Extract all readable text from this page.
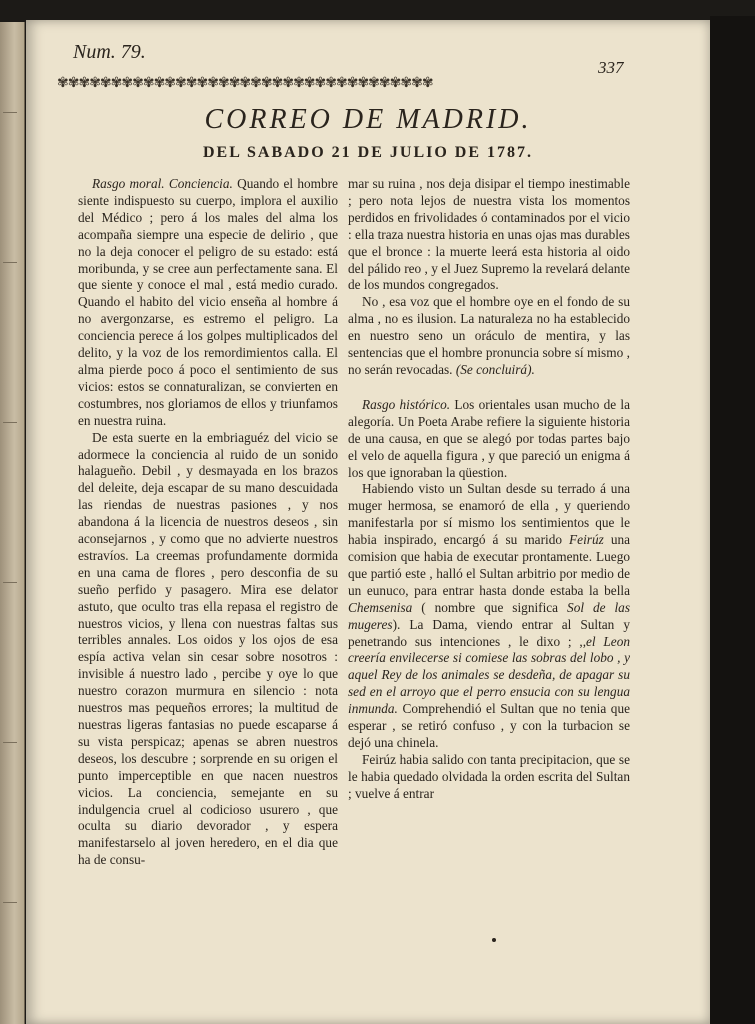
Num. 79.
337
✾✾✾✾✾✾✾✾✾✾✾✾✾✾✾✾✾✾✾✾✾✾✾✾✾✾✾✾✾✾✾✾✾✾✾
CORREO DE MADRID.
DEL SABADO 21 DE JULIO DE 1787.

Rasgo moral. Conciencia. Quando el hombre siente indispuesto su cuerpo, implora el auxilio del Médico ; pero á los males del alma los acompaña siempre una especie de delirio , que no la deja conocer el peligro de su estado: está moribunda, y se cree aun perfectamente sana. El que siente y conoce el mal , está medio curado. Quando el habito del vicio enseña al hombre á no avergonzarse, es estremo el peligro. La conciencia perece á los golpes multiplicados del delito, y la voz de los remordimientos calla. El alma pierde poco á poco el sentimiento de sus vicios: estos se connaturalizan, se convierten en costumbres, nos gloriamos de ellos y triunfamos en nuestra ruina.

De esta suerte en la embriaguéz del vicio se adormece la conciencia al ruido de un sonido halagueño. Debil , y desmayada en los brazos del deleite, deja escapar de su mano descuidada las riendas de nuestras pasiones , y nos abandona á la licencia de nuestros deseos , sin aconsejarnos , y como que no advierte nuestros estravíos. La creemas profundamente dormida en una cama de flores , pero desconfia de su sueño perfido y pasagero. Mira ese delator astuto, que oculto tras ella repasa el registro de nuestros vicios, y llena con nuestras faltas sus terribles annales. Los oidos y los ojos de esa espía activa velan sin cesar sobre nosotros : invisible á nuestro lado , percibe y oye lo que nuestro corazon murmura en silencio : nota nuestros mas pequeños errores; la multitud de nuestras ligeras fantasias no puede escaparse á su vista perspicaz; apenas se abren nuestros deseos, los descubre ; sorprende en su origen el punto imperceptible en que nacen nuestros vicios. La conciencia, semejante en su indulgencia cruel al codicioso usurero , que oculta su diario devorador , y espera manifestarselo al joven heredero, en el dia que ha de consu-

mar su ruina , nos deja disipar el tiempo inestimable ; pero nota lejos de nuestra vista los momentos perdidos en frivolidades ó contaminados por el vicio : ella traza nuestra historia en unas ojas mas durables que el bronce : la muerte leerá esta historia al oido del pálido reo , y el Juez Supremo la revelará delante de los mundos congregados.

No , esa voz que el hombre oye en el fondo de su alma , no es ilusion. La naturaleza no ha establecido en nuestro seno un oráculo de mentira, y las sentencias que el hombre pronuncia sobre sí mismo , no serán revocadas. (Se concluirá).

Rasgo histórico. Los orientales usan mucho de la alegoría. Un Poeta Arabe refiere la siguiente historia de una causa, en que se alegó por todas partes bajo el velo de aquella figura , y que pareció un enigma á los que ignoraban la qüestion.

Habiendo visto un Sultan desde su terrado á una muger hermosa, se enamoró de ella , y queriendo manifestarla por sí mismo los sentimientos que le habia inspirado, encargó á su marido Feirúz una comision que habia de executar prontamente. Luego que partió este , halló el Sultan arbitrio por medio de un eunuco, para entrar hasta donde estaba la bella Chemsenisa ( nombre que significa Sol de las mugeres). La Dama, viendo entrar al Sultan y penetrando sus intenciones , le dixo ; ,,el Leon creería envilecerse si comiese las sobras del lobo , y aquel Rey de los animales se desdeña, de apagar su sed en el arroyo que el perro ensucia con su lengua inmunda. Comprehendió el Sultan que no tenia que esperar , se retiró confuso , y con la turbacion se dejó una chinela.

Feirúz habia salido con tanta precipitacion, que se le habia quedado olvidada la orden escrita del Sultan ; vuelve á entrar
